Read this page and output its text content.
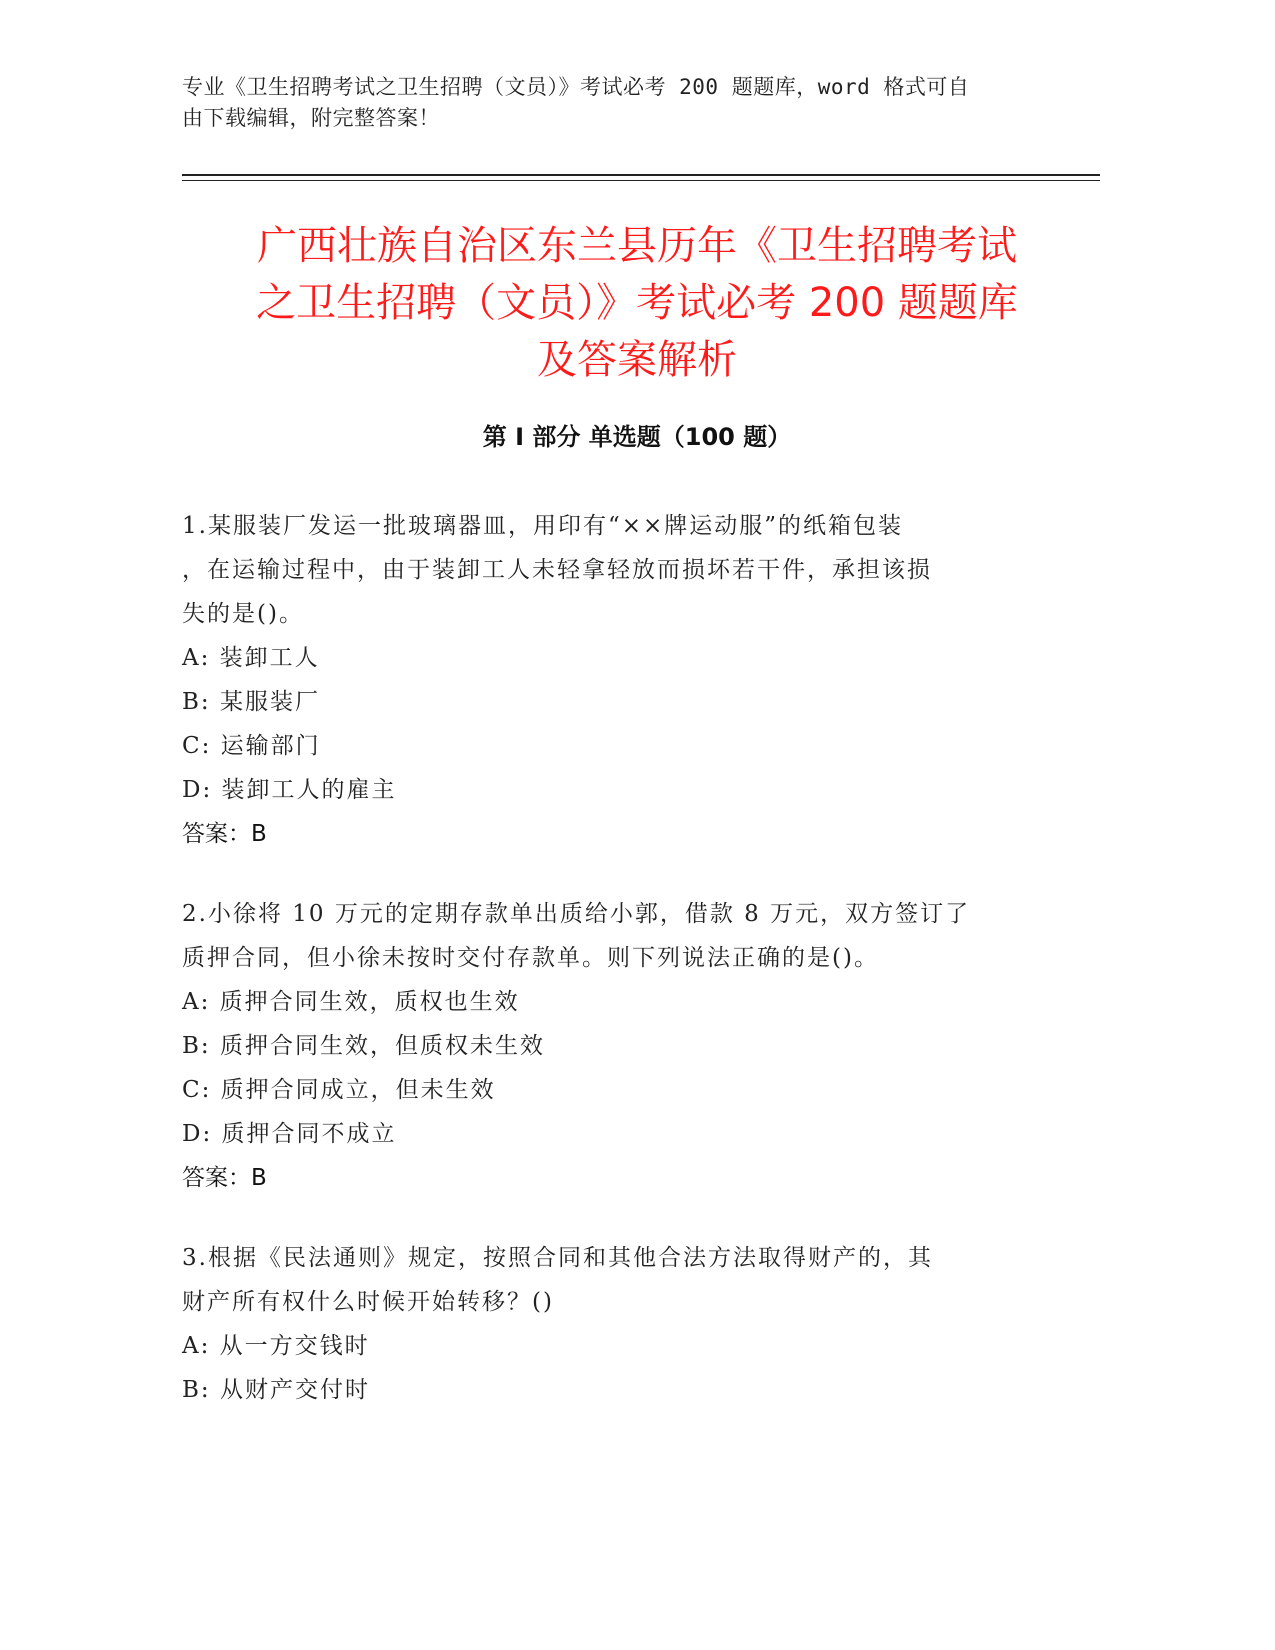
专业《卫生招聘考试之卫生招聘（文员）》考试必考 200 题题库，word 格式可自
由下载编辑，附完整答案！
广西壮族自治区东兰县历年《卫生招聘考试
之卫生招聘（文员）》考试必考 200 题题库
及答案解析
第 I 部分 单选题（100 题）
1.某服装厂发运一批玻璃器皿，用印有“××牌运动服”的纸箱包装
，在运输过程中，由于装卸工人未轻拿轻放而损坏若干件，承担该损
失的是()。
A: 装卸工人
B: 某服装厂
C: 运输部门
D: 装卸工人的雇主
答案：B
2.小徐将 10 万元的定期存款单出质给小郭，借款 8 万元，双方签订了
质押合同，但小徐未按时交付存款单。则下列说法正确的是()。
A: 质押合同生效，质权也生效
B: 质押合同生效，但质权未生效
C: 质押合同成立，但未生效
D: 质押合同不成立
答案：B
3.根据《民法通则》规定，按照合同和其他合法方法取得财产的，其
财产所有权什么时候开始转移？()
A: 从一方交钱时
B: 从财产交付时
